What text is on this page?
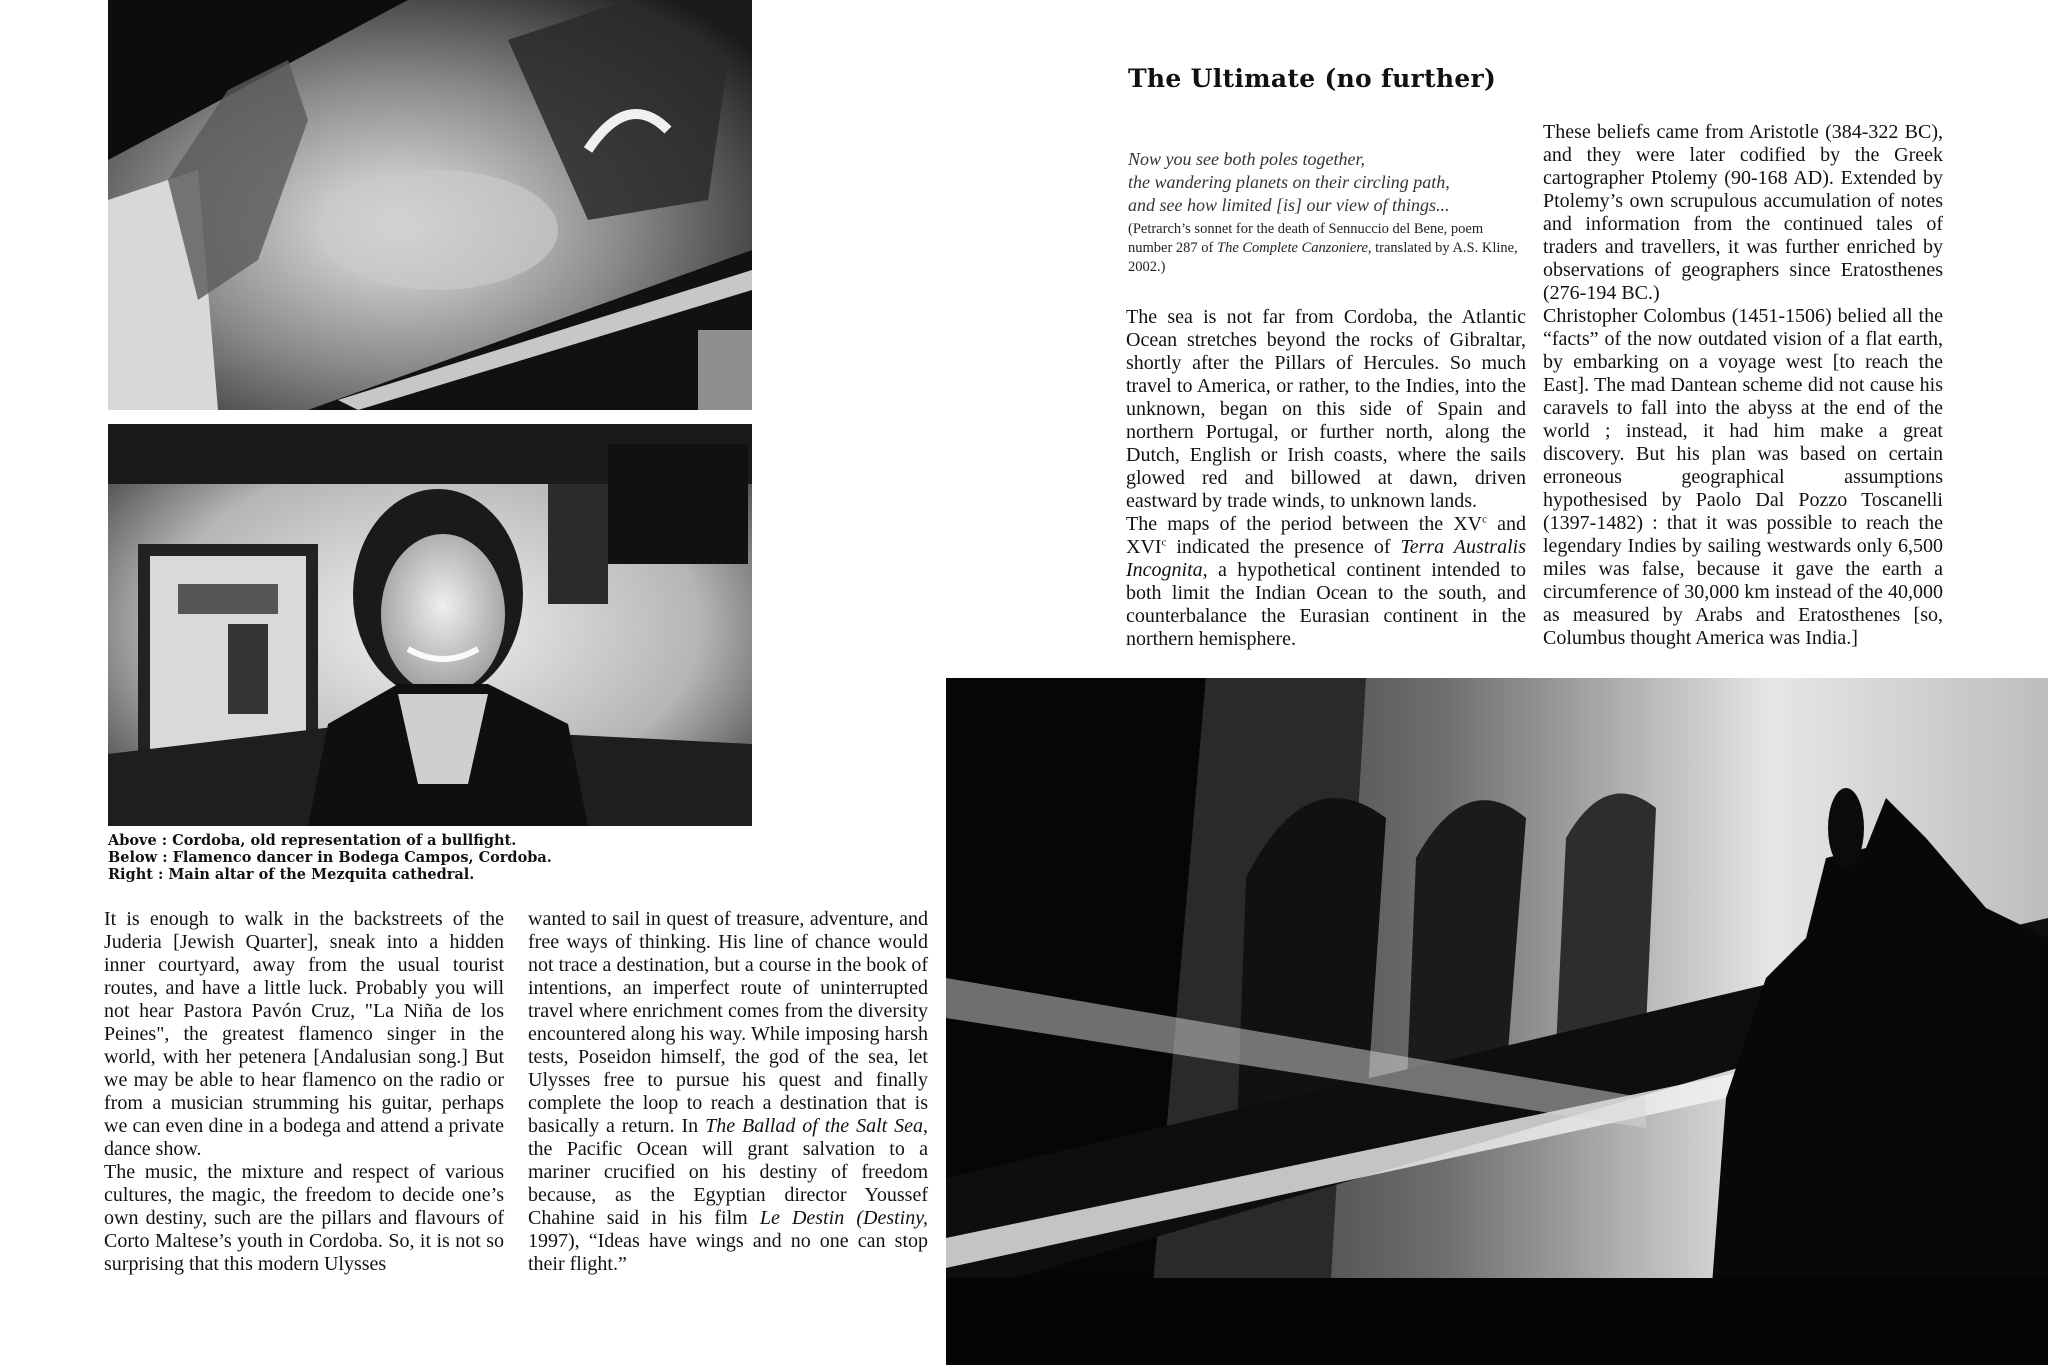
Above : Cordoba, old representation of a bullfight.
Below : Flamenco dancer in Bodega Campos, Cordoba.
Right : Main altar of the Mezquita cathedral.

It is enough to walk in the backstreets of the Juderia [Jewish Quarter], sneak into a hidden inner courtyard, away from the usual tourist routes, and have a little luck. Probably you will not hear Pastora Pavón Cruz, "La Niña de los Peines", the greatest flamenco singer in the world, with her petenera [Andalusian song.] But we may be able to hear flamenco on the radio or from a musician strumming his guitar, perhaps we can even dine in a bodega and attend a private dance show.

The music, the mixture and respect of various cultures, the magic, the freedom to decide one’s own destiny, such are the pillars and flavours of Corto Maltese’s youth in Cordoba. So, it is not so surprising that this modern Ulysses

wanted to sail in quest of treasure, adventure, and free ways of thinking. His line of chance would not trace a destination, but a course in the book of intentions, an imperfect route of uninterrupted travel where enrichment comes from the diversity encountered along his way. While imposing harsh tests, Poseidon himself, the god of the sea, let Ulysses free to pursue his quest and finally complete the loop to reach a destination that is basically a return. In The Ballad of the Salt Sea, the Pacific Ocean will grant salvation to a mariner crucified on his destiny of freedom because, as the Egyptian director Youssef Chahine said in his film Le Destin (Destiny, 1997), “Ideas have wings and no one can stop their flight.”

The Ultimate (no further)
Now you see both poles together,
the wandering planets on their circling path,
and see how limited [is] our view of things...
(Petrarch’s sonnet for the death of Sennuccio del Bene, poem number 287 of The Complete Canzoniere, translated by A.S. Kline, 2002.)

The sea is not far from Cordoba, the Atlantic Ocean stretches beyond the rocks of Gibraltar, shortly after the Pillars of Hercules. So much travel to America, or rather, to the Indies, into the unknown, began on this side of Spain and northern Portugal, or further north, along the Dutch, English or Irish coasts, where the sails glowed red and billowed at dawn, driven eastward by trade winds, to unknown lands.

The maps of the period between the $XV^c$ and XVI$^c$ indicated the presence of Terra Australis Incognita, a hypothetical continent intended to both limit the Indian Ocean to the south, and counterbalance the Eurasian continent in the northern hemisphere.

These beliefs came from Aristotle (384-322 BC), and they were later codified by the Greek cartographer Ptolemy (90-168 AD). Extended by Ptolemy’s own scrupulous accumulation of notes and information from the continued tales of traders and travellers, it was further enriched by observations of geographers since Eratosthenes (276-194 BC.)

Christopher Colombus (1451-1506) belied all the “facts” of the now outdated vision of a flat earth, by embarking on a voyage west [to reach the East]. The mad Dantean scheme did not cause his caravels to fall into the abyss at the end of the world ; instead, it had him make a great discovery. But his plan was based on certain erroneous geographical assumptions hypothesised by Paolo Dal Pozzo Toscanelli (1397-1482) : that it was possible to reach the legendary Indies by sailing westwards only 6,500 miles was false, because it gave the earth a circumference of 30,000 km instead of the 40,000 as measured by Arabs and Eratosthenes [so, Columbus thought America was India.]
